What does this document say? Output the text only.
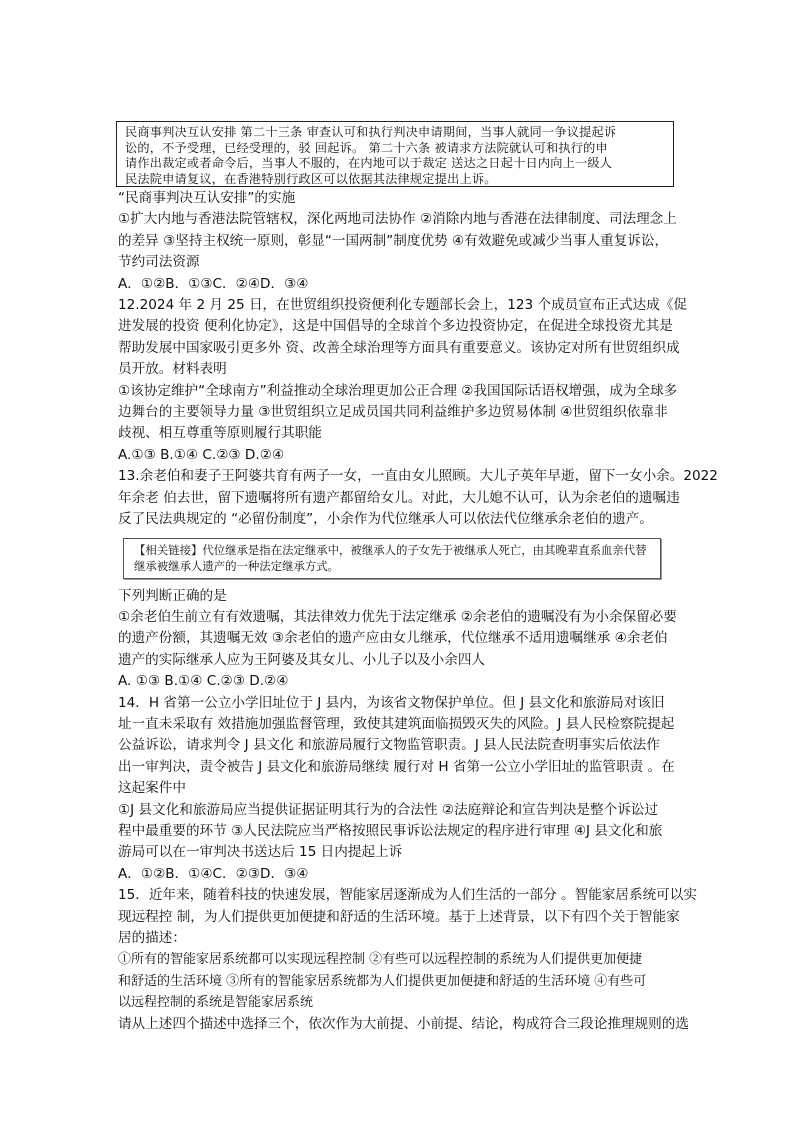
民商事判决互认安排 第二十三条 审查认可和执行判决申请期间，当事人就同一争议提起诉

讼的，不予受理，已经受理的，驳 回起诉。 第二十六条 被请求方法院就认可和执行的申

请作出裁定或者命令后，当事人不服的，在内地可以于裁定 送达之日起十日内向上一级人

民法院申请复议，在香港特别行政区可以依据其法律规定提出上诉。

“民商事判决互认安排”的实施

①扩大内地与香港法院管辖权，深化两地司法协作 ②消除内地与香港在法律制度、司法理念上

的差异 ③坚持主权统一原则，彰显“一国两制”制度优势 ④有效避免或减少当事人重复诉讼，

节约司法资源

A．①②B．①③C．②④D．③④

12.2024 年 2 月 25 日，在世贸组织投资便利化专题部长会上，123 个成员宣布正式达成《促

进发展的投资 便利化协定》，这是中国倡导的全球首个多边投资协定，在促进全球投资尤其是

帮助发展中国家吸引更多外 资、改善全球治理等方面具有重要意义。该协定对所有世贸组织成

员开放。材料表明

①该协定维护“全球南方”利益推动全球治理更加公正合理 ②我国国际话语权增强，成为全球多

边舞台的主要领导力量 ③世贸组织立足成员国共同利益维护多边贸易体制 ④世贸组织依靠非

歧视、相互尊重等原则履行其职能

A.①③ B.①④ C.②③ D.②④

13.余老伯和妻子王阿婆共育有两子一女，一直由女儿照顾。大儿子英年早逝，留下一女小余。2022

年余老 伯去世，留下遗嘱将所有遗产都留给女儿。对此，大儿媳不认可，认为余老伯的遗嘱违

反了民法典规定的 “必留份制度”，小余作为代位继承人可以依法代位继承余老伯的遗产。

【相关链接】代位继承是指在法定继承中，被继承人的子女先于被继承人死亡，由其晚辈直系血亲代替

继承被继承人遗产的一种法定继承方式。

下列判断正确的是

①余老伯生前立有有效遗嘱，其法律效力优先于法定继承 ②余老伯的遗嘱没有为小余保留必要

的遗产份额，其遗嘱无效 ③余老伯的遗产应由女儿继承，代位继承不适用遗嘱继承 ④余老伯

遗产的实际继承人应为王阿婆及其女儿、小儿子以及小余四人

A. ①③ B.①④ C.②③ D.②④

14．H 省第一公立小学旧址位于 J 县内，为该省文物保护单位。但 J 县文化和旅游局对该旧

址一直未采取有 效措施加强监督管理，致使其建筑面临损毁灭失的风险。J 县人民检察院提起

公益诉讼，请求判令 J 县文化 和旅游局履行文物监管职责。J 县人民法院查明事实后依法作

出一审判决，责令被告 J 县文化和旅游局继续 履行对 H 省第一公立小学旧址的监管职责 。在

这起案件中

①J 县文化和旅游局应当提供证据证明其行为的合法性 ②法庭辩论和宣告判决是整个诉讼过

程中最重要的环节 ③人民法院应当严格按照民事诉讼法规定的程序进行审理 ④J 县文化和旅

游局可以在一审判决书送达后 15 日内提起上诉

A．①②B．①④C．②③D．③④

15．近年来，随着科技的快速发展，智能家居逐渐成为人们生活的一部分 。智能家居系统可以实

现远程控 制，为人们提供更加便捷和舒适的生活环境。基于上述背景，以下有四个关于智能家

居的描述：

①所有的智能家居系统都可以实现远程控制 ②有些可以远程控制的系统为人们提供更加便捷

和舒适的生活环境 ③所有的智能家居系统都为人们提供更加便捷和舒适的生活环境 ④有些可

以远程控制的系统是智能家居系统

请从上述四个描述中选择三个，依次作为大前提、小前提、结论，构成符合三段论推理规则的选
